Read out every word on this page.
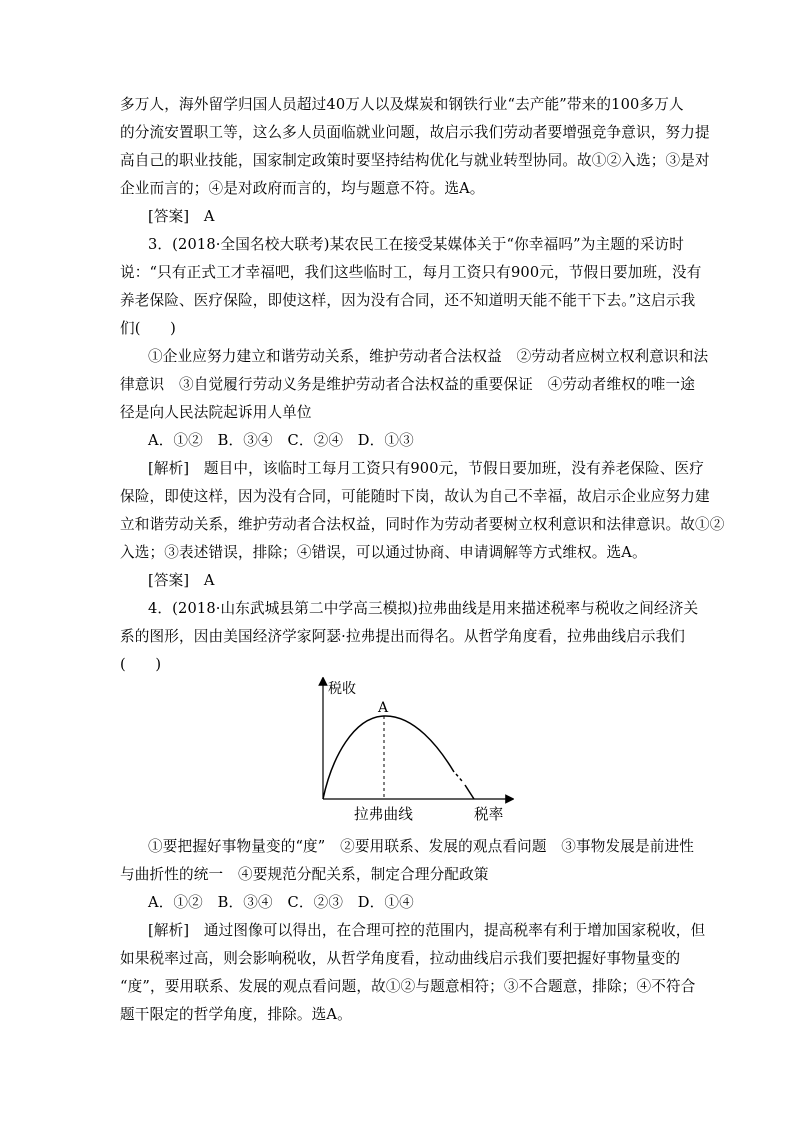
多万人，海外留学归国人员超过40万人以及煤炭和钢铁行业“去产能”带来的100多万人
的分流安置职工等，这么多人员面临就业问题，故启示我们劳动者要增强竞争意识，努力提
高自己的职业技能，国家制定政策时要坚持结构优化与就业转型协同。故①②入选；③是对
企业而言的；④是对政府而言的，均与题意不符。选A。
[答案]　A
3．(2018·全国名校大联考)某农民工在接受某媒体关于“你幸福吗”为主题的采访时
说：“只有正式工才幸福吧，我们这些临时工，每月工资只有900元，节假日要加班，没有
养老保险、医疗保险，即使这样，因为没有合同，还不知道明天能不能干下去。”这启示我
们(　　)
①企业应努力建立和谐劳动关系，维护劳动者合法权益　②劳动者应树立权利意识和法
律意识　③自觉履行劳动义务是维护劳动者合法权益的重要保证　④劳动者维权的唯一途
径是向人民法院起诉用人单位
A．①②　B．③④　C．②④　D．①③
[解析]　题目中，该临时工每月工资只有900元，节假日要加班，没有养老保险、医疗
保险，即使这样，因为没有合同，可能随时下岗，故认为自己不幸福，故启示企业应努力建
立和谐劳动关系，维护劳动者合法权益，同时作为劳动者要树立权利意识和法律意识。故①②
入选；③表述错误，排除；④错误，可以通过协商、申请调解等方式维权。选A。
[答案]　A
4．(2018·山东武城县第二中学高三模拟)拉弗曲线是用来描述税率与税收之间经济关
系的图形，因由美国经济学家阿瑟·拉弗提出而得名。从哲学角度看，拉弗曲线启示我们
(　　)
税收
A
拉弗曲线	税率
①要把握好事物量变的“度”　②要用联系、发展的观点看问题　③事物发展是前进性
与曲折性的统一　④要规范分配关系，制定合理分配政策
A．①②　B．③④　C．②③　D．①④
[解析]　通过图像可以得出，在合理可控的范围内，提高税率有利于增加国家税收，但
如果税率过高，则会影响税收，从哲学角度看，拉动曲线启示我们要把握好事物量变的
“度”，要用联系、发展的观点看问题，故①②与题意相符；③不合题意，排除；④不符合
题干限定的哲学角度，排除。选A。
